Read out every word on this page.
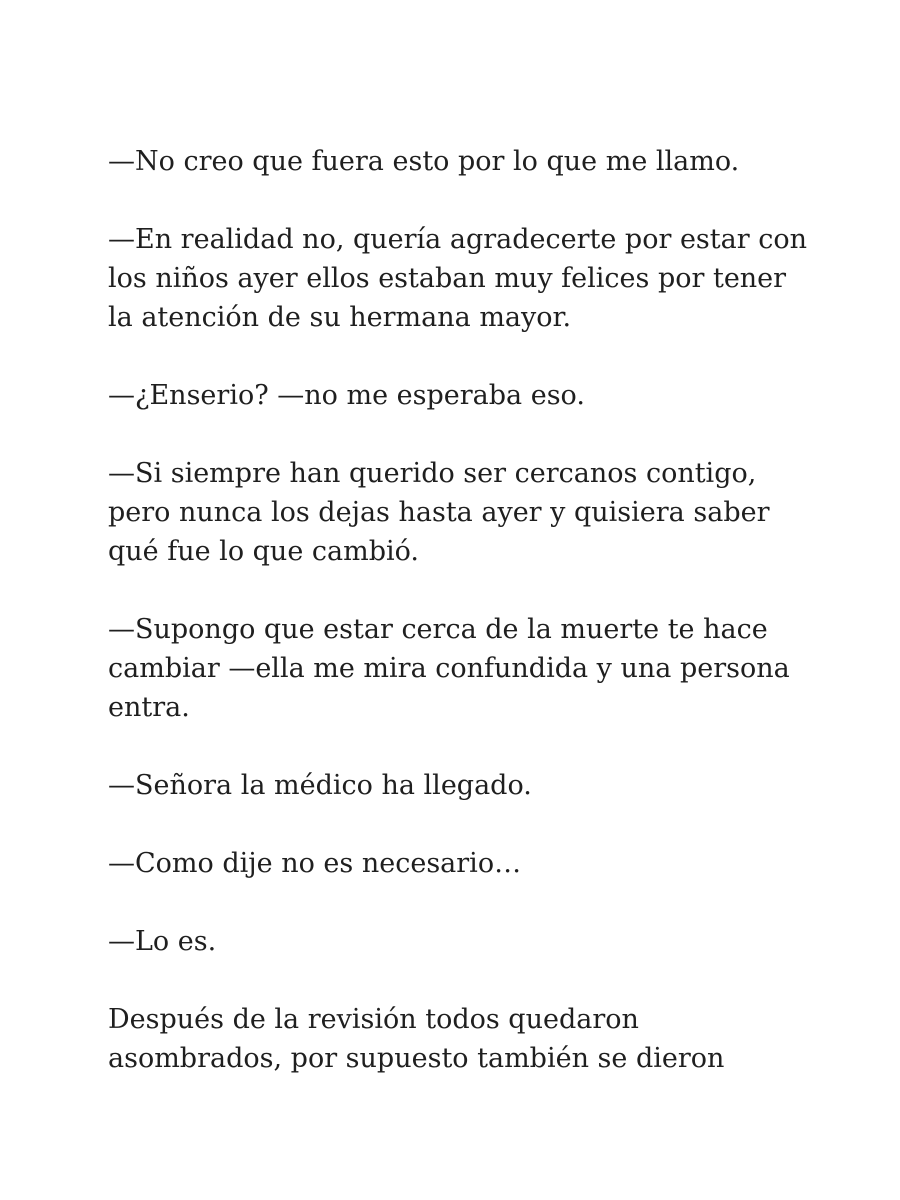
—No creo que fuera esto por lo que me llamo.

—En realidad no, quería agradecerte por estar con los niños ayer ellos estaban muy felices por tener la atención de su hermana mayor.

—¿Enserio? —no me esperaba eso.

—Si siempre han querido ser cercanos contigo, pero nunca los dejas hasta ayer y quisiera saber qué fue lo que cambió.

—Supongo que estar cerca de la muerte te hace cambiar —ella me mira confundida y una persona entra.

—Señora la médico ha llegado.

—Como dije no es necesario…

—Lo es.

Después de la revisión todos quedaron asombrados, por supuesto también se dieron
